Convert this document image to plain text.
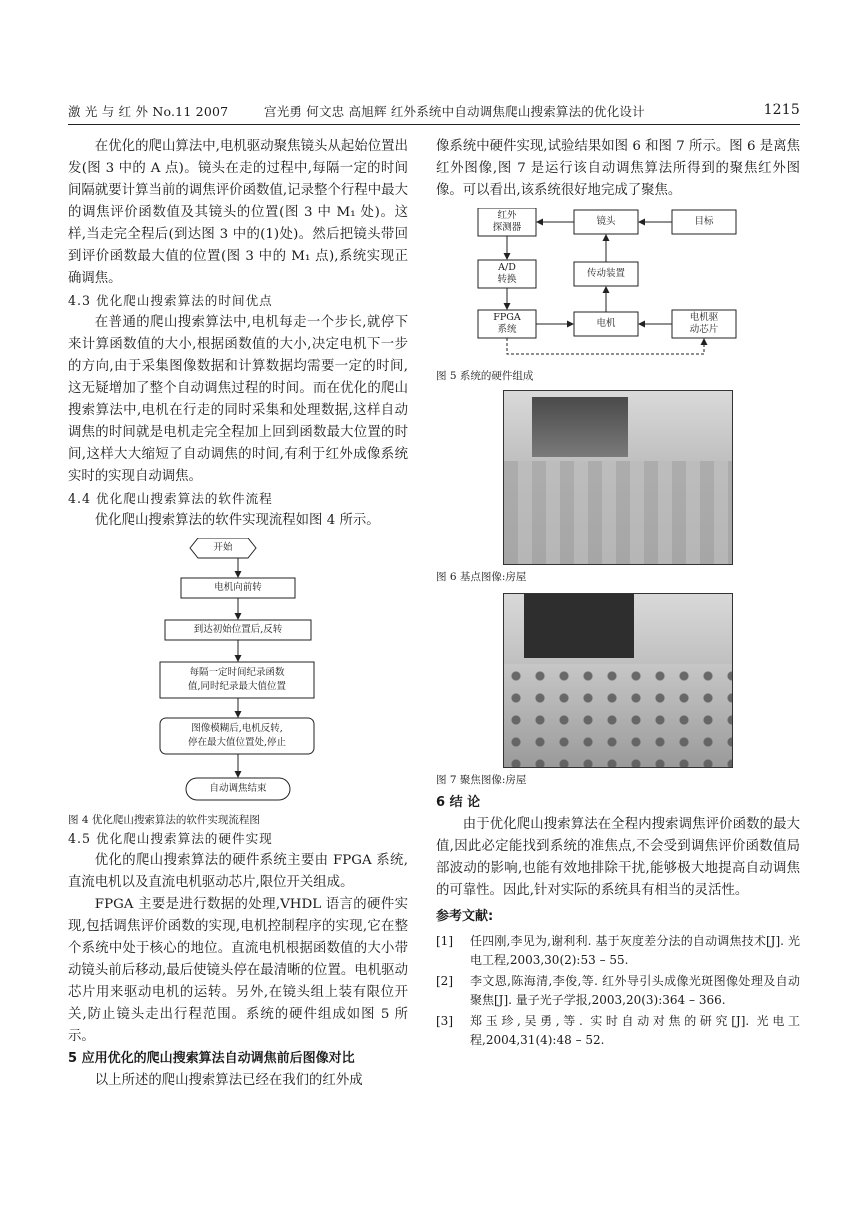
激 光 与 红 外 No.11 2007	宫光勇 何文忠 高旭辉 红外系统中自动调焦爬山搜索算法的优化设计	1215

在优化的爬山算法中,电机驱动聚焦镜头从起始位置出发(图 3 中的 A 点)。镜头在走的过程中,每隔一定的时间间隔就要计算当前的调焦评价函数值,记录整个行程中最大的调焦评价函数值及其镜头的位置(图 3 中 M₁ 处)。这样,当走完全程后(到达图 3 中的(1)处)。然后把镜头带回到评价函数最大值的位置(图 3 中的 M₁ 点),系统实现正确调焦。

4.3 优化爬山搜索算法的时间优点

在普通的爬山搜索算法中,电机每走一个步长,就停下来计算函数值的大小,根据函数值的大小,决定电机下一步的方向,由于采集图像数据和计算数据均需要一定的时间,这无疑增加了整个自动调焦过程的时间。而在优化的爬山搜索算法中,电机在行走的同时采集和处理数据,这样自动调焦的时间就是电机走完全程加上回到函数最大位置的时间,这样大大缩短了自动调焦的时间,有利于红外成像系统实时的实现自动调焦。

4.4 优化爬山搜索算法的软件流程

优化爬山搜索算法的软件实现流程如图 4 所示。

开始
电机向前转
到达初始位置后,反转
每隔一定时间纪录函数
值,同时纪录最大值位置
图像模糊后,电机反转,
停在最大值位置处,停止
自动调焦结束

图 4 优化爬山搜索算法的软件实现流程图

4.5 优化爬山搜索算法的硬件实现

优化的爬山搜索算法的硬件系统主要由 FPGA 系统,直流电机以及直流电机驱动芯片,限位开关组成。

FPGA 主要是进行数据的处理,VHDL 语言的硬件实现,包括调焦评价函数的实现,电机控制程序的实现,它在整个系统中处于核心的地位。直流电机根据函数值的大小带动镜头前后移动,最后使镜头停在最清晰的位置。电机驱动芯片用来驱动电机的运转。另外,在镜头组上装有限位开关,防止镜头走出行程范围。系统的硬件组成如图 5 所示。

5 应用优化的爬山搜索算法自动调焦前后图像对比

以上所述的爬山搜索算法已经在我们的红外成

像系统中硬件实现,试验结果如图 6 和图 7 所示。图 6 是离焦红外图像,图 7 是运行该自动调焦算法所得到的聚焦红外图像。可以看出,该系统很好地完成了聚焦。

红外
探测器
镜头	目标
A/D
转换
传动装置
FPGA
系统
电机
电机驱
动芯片

图 5 系统的硬件组成

图 6 基点图像:房屋

图 7 聚焦图像:房屋

6 结 论

由于优化爬山搜索算法在全程内搜索调焦评价函数的最大值,因此必定能找到系统的准焦点,不会受到调焦评价函数值局部波动的影响,也能有效地排除干扰,能够极大地提高自动调焦的可靠性。因此,针对实际的系统具有相当的灵活性。

参考文献:

[1] 任四刚,李见为,谢利利. 基于灰度差分法的自动调焦技术[J]. 光电工程,2003,30(2):53 – 55.
[2] 李文恩,陈海清,李俊,等. 红外导引头成像光斑图像处理及自动聚焦[J]. 量子光子学报,2003,20(3):364 – 366.
[3] 郑玉珍,吴勇,等. 实时自动对焦的研究[J]. 光电工程,2004,31(4):48 – 52.
